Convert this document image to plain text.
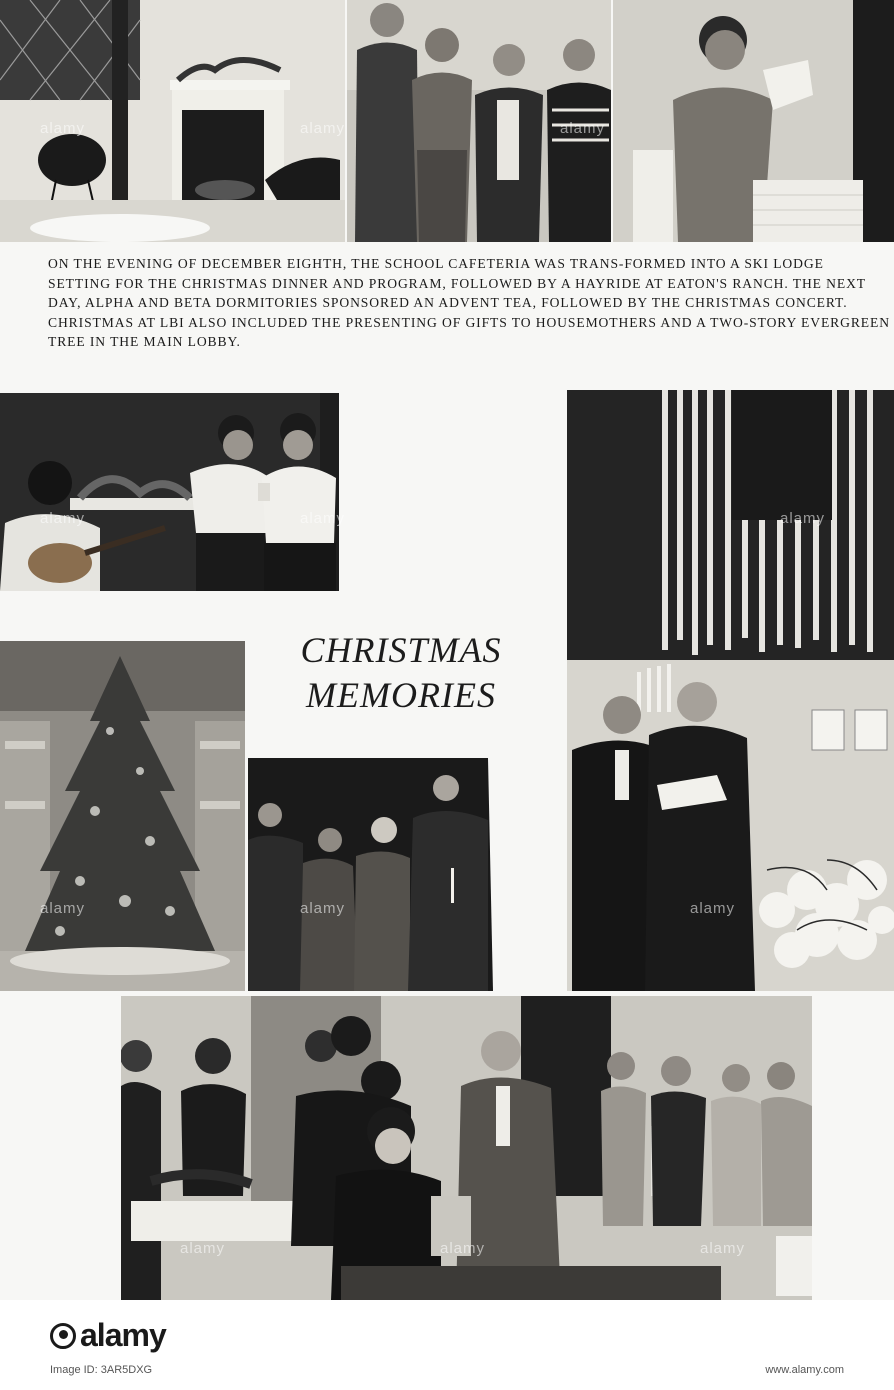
ON THE EVENING OF DECEMBER EIGHTH, THE SCHOOL CAFETERIA WAS TRANS-FORMED INTO A SKI LODGE SETTING FOR THE CHRISTMAS DINNER AND PROGRAM, FOLLOWED BY A HAYRIDE AT EATON'S RANCH. THE NEXT DAY, ALPHA AND BETA DORMITORIES SPONSORED AN ADVENT TEA, FOLLOWED BY THE CHRISTMAS CONCERT. CHRISTMAS AT LBI ALSO INCLUDED THE PRESENTING OF GIFTS TO HOUSEMOTHERS AND A TWO-STORY EVERGREEN TREE IN THE MAIN LOBBY.

CHRISTMAS
MEMORIES
alamy	alamy	alamy
alamy	alamy	alamy
alamy	alamy	alamy
alamy	alamy	alamy
alamy
Image ID: 3AR5DXG	www.alamy.com
